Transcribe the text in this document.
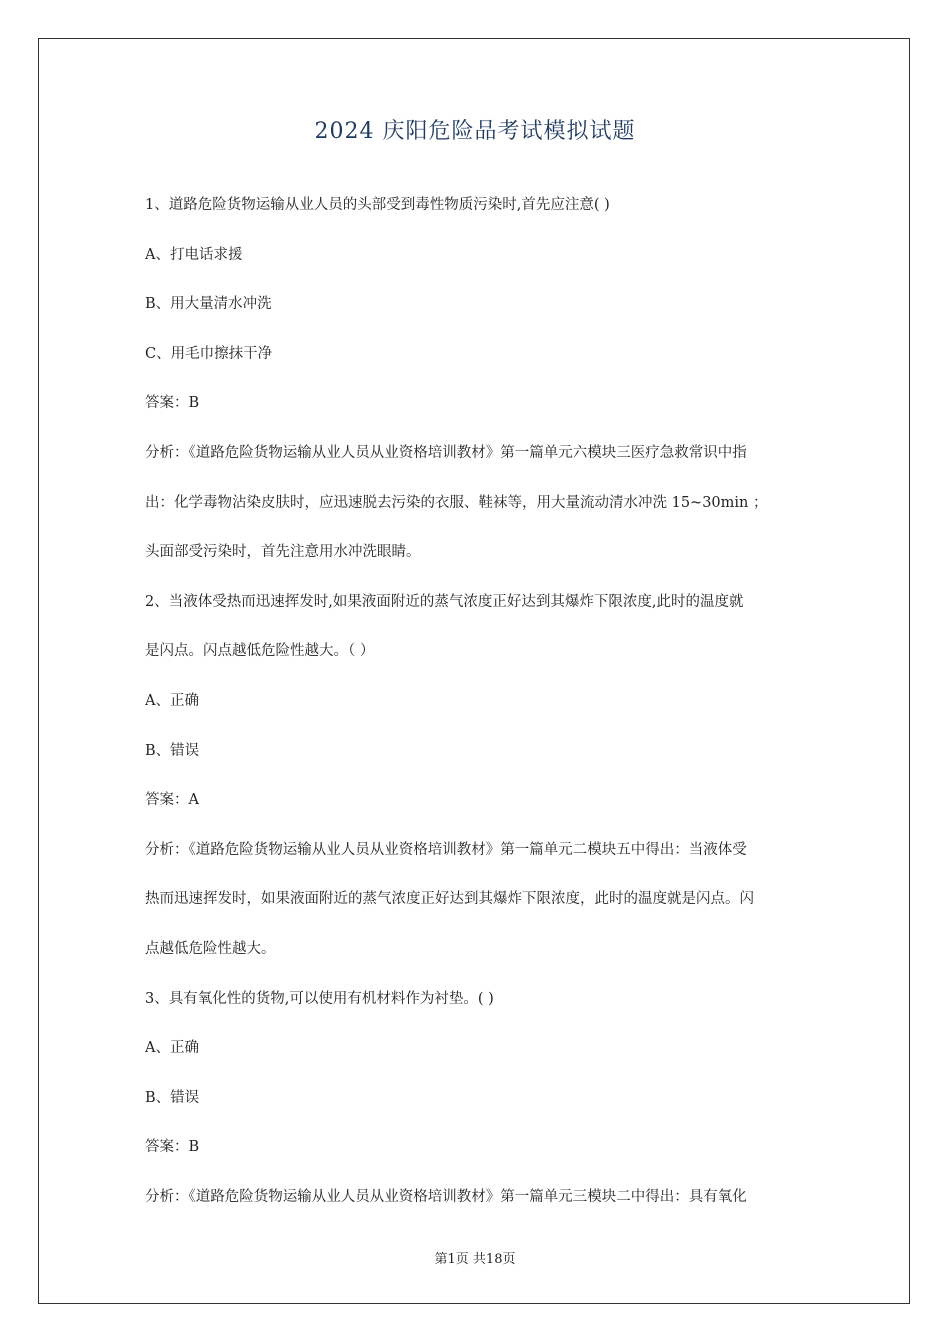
2024 庆阳危险品考试模拟试题
1、道路危险货物运输从业人员的头部受到毒性物质污染时,首先应注意( )
A、打电话求援
B、用大量清水冲洗
C、用毛巾擦抹干净
答案：B
分析：《道路危险货物运输从业人员从业资格培训教材》第一篇单元六模块三医疗急救常识中指
出：化学毒物沾染皮肤时，应迅速脱去污染的衣服、鞋袜等，用大量流动清水冲洗 15~30min ；
头面部受污染时，首先注意用水冲洗眼睛。
2、当液体受热而迅速挥发时,如果液面附近的蒸气浓度正好达到其爆炸下限浓度,此时的温度就
是闪点。闪点越低危险性越大。（ ）
A、正确
B、错误
答案：A
分析：《道路危险货物运输从业人员从业资格培训教材》第一篇单元二模块五中得出：当液体受
热而迅速挥发时，如果液面附近的蒸气浓度正好达到其爆炸下限浓度，此时的温度就是闪点。闪
点越低危险性越大。
3、具有氧化性的货物,可以使用有机材料作为衬垫。( )
A、正确
B、错误
答案：B
分析：《道路危险货物运输从业人员从业资格培训教材》第一篇单元三模块二中得出：具有氧化
第1页 共18页
